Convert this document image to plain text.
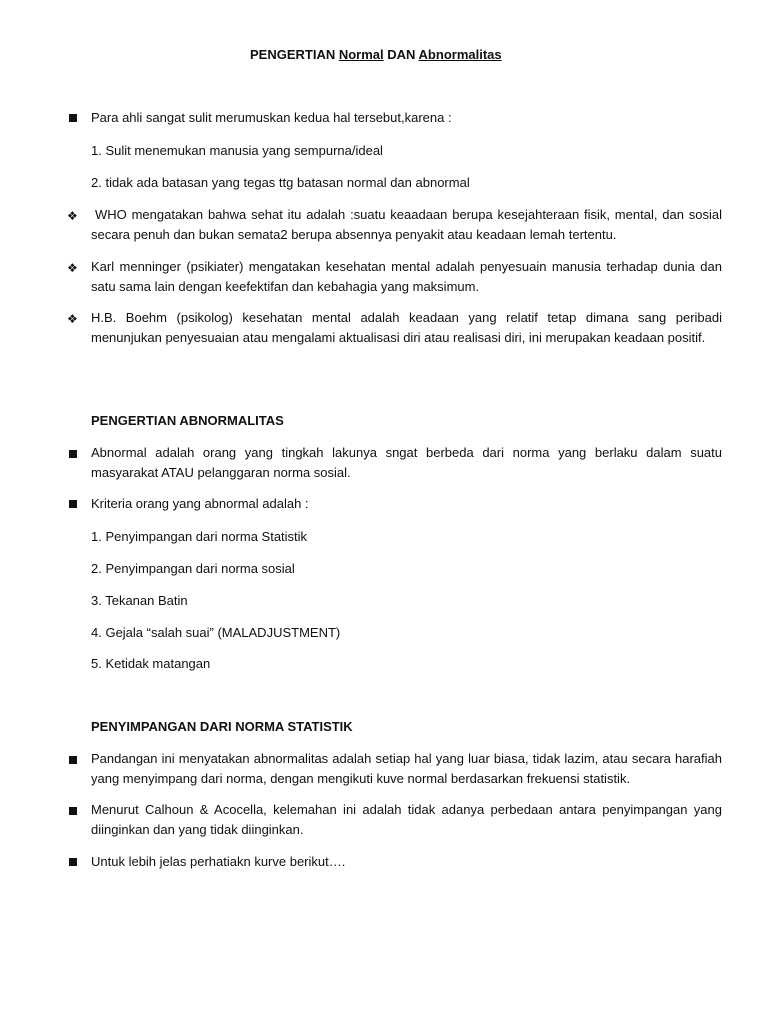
PENGERTIAN Normal DAN Abnormalitas
Para ahli sangat sulit merumuskan kedua hal tersebut,karena :
1. Sulit menemukan manusia yang sempurna/ideal
2. tidak ada batasan yang tegas ttg batasan normal dan abnormal
❖	WHO mengatakan bahwa sehat itu adalah :suatu keaadaan berupa kesejahteraan fisik, mental, dan sosial secara penuh dan bukan semata2 berupa absennya penyakit atau keadaan lemah tertentu.
❖ Karl menninger (psikiater) mengatakan kesehatan mental adalah penyesuain manusia terhadap dunia dan satu sama lain dengan keefektifan dan kebahagia yang maksimum.
❖ H.B. Boehm (psikolog) kesehatan mental adalah keadaan yang relatif tetap dimana sang peribadi menunjukan penyesuaian atau mengalami aktualisasi diri atau realisasi diri, ini merupakan keadaan positif.
PENGERTIAN ABNORMALITAS
Abnormal adalah orang yang tingkah lakunya sngat berbeda dari norma yang berlaku dalam suatu masyarakat ATAU pelanggaran norma sosial.
Kriteria orang yang abnormal adalah :
1. Penyimpangan dari norma Statistik
2. Penyimpangan dari norma sosial
3. Tekanan Batin
4. Gejala “salah suai” (MALADJUSTMENT)
5. Ketidak matangan
PENYIMPANGAN DARI NORMA STATISTIK
Pandangan ini menyatakan abnormalitas adalah setiap hal yang luar biasa, tidak lazim, atau secara harafiah yang menyimpang dari norma, dengan mengikuti kuve normal berdasarkan frekuensi statistik.
Menurut Calhoun & Acocella, kelemahan ini adalah tidak adanya perbedaan antara penyimpangan yang diinginkan dan yang tidak diinginkan.
Untuk lebih jelas perhatiakn kurve berikut….
